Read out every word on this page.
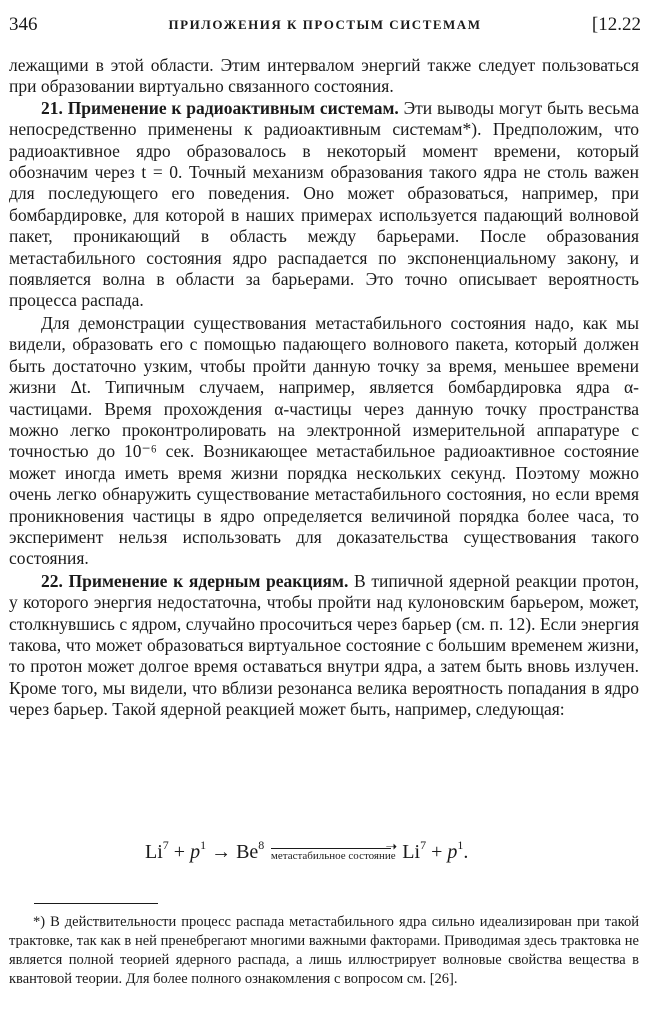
346	ПРИЛОЖЕНИЯ К ПРОСТЫМ СИСТЕМАМ	[12.22

лежащими в этой области. Этим интервалом энергий также следует пользоваться при образовании виртуально связанного состояния.

21. Применение к радиоактивным системам. Эти выводы могут быть весьма непосредственно применены к радиоактивным системам*). Предположим, что радиоактивное ядро образовалось в некоторый момент времени, который обозначим через t = 0. Точный механизм образования такого ядра не столь важен для последующего его поведения. Оно может образоваться, например, при бомбардировке, для которой в наших примерах используется падающий волновой пакет, проникающий в область между барьерами. После образования метастабильного состояния ядро распадается по экспоненциальному закону, и появляется волна в области за барьерами. Это точно описывает вероятность процесса распада.

Для демонстрации существования метастабильного состояния надо, как мы видели, образовать его с помощью падающего волнового пакета, который должен быть достаточно узким, чтобы пройти данную точку за время, меньшее времени жизни Δt. Типичным случаем, например, является бомбардировка ядра α-частицами. Время прохождения α-частицы через данную точку пространства можно легко проконтролировать на электронной измерительной аппаратуре с точностью до 10⁻⁶ сек. Возникающее метастабильное радиоактивное состояние может иногда иметь время жизни порядка нескольких секунд. Поэтому можно очень легко обнаружить существование метастабильного состояния, но если время проникновения частицы в ядро определяется величиной порядка более часа, то эксперимент нельзя использовать для доказательства существования такого состояния.

22. Применение к ядерным реакциям. В типичной ядерной реакции протон, у которого энергия недостаточна, чтобы пройти над кулоновским барьером, может, столкнувшись с ядром, случайно просочиться через барьер (см. п. 12). Если энергия такова, что может образоваться виртуальное состояние с большим временем жизни, то протон может долгое время оставаться внутри ядра, а затем быть вновь излучен. Кроме того, мы видели, что вблизи резонанса велика вероятность попадания в ядро через барьер. Такой ядерной реакцией может быть, например, следующая:

$Li^7 + p^1 \to Be^8$	➝
метастабильное состояние $Li^7 + p^1$.
*) В действительности процесс распада метастабильного ядра сильно идеализирован при такой трактовке, так как в ней пренебрегают многими важными факторами. Приводимая здесь трактовка не является полной теорией ядерного распада, а лишь иллюстрирует волновые свойства вещества в квантовой теории. Для более полного ознакомления с вопросом см. [26].
